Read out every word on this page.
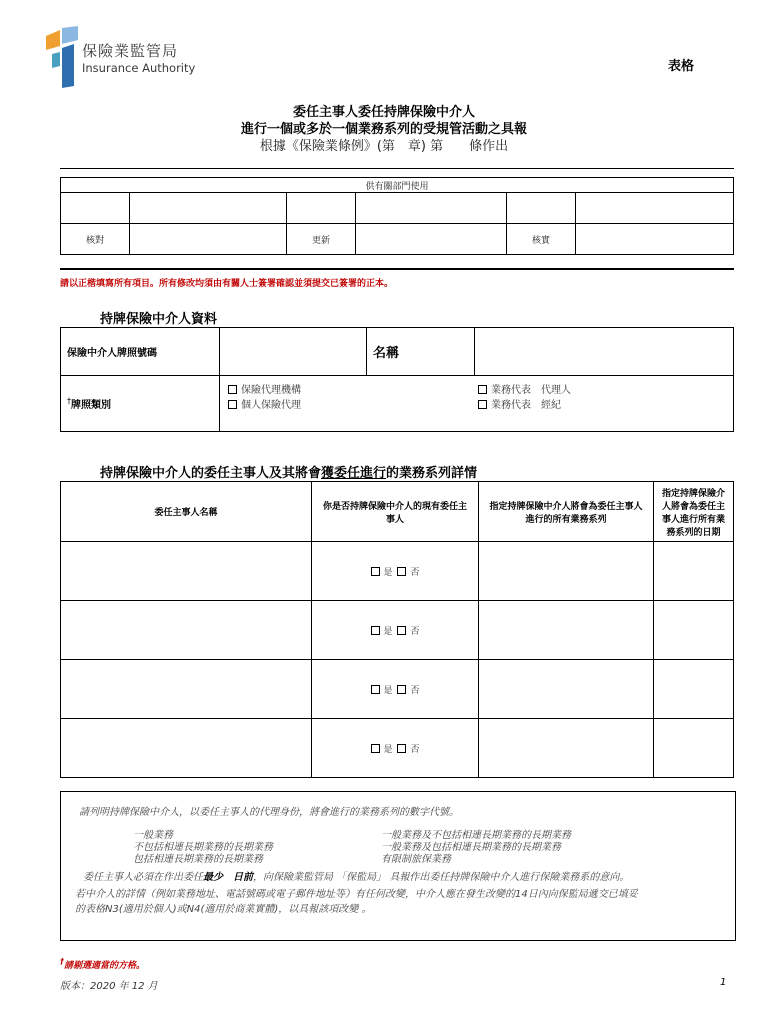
保險業監管局
Insurance Authority	表格
委任主事人委任持牌保險中介人
進行一個或多於一個業務系列的受規管活動之具報
根據《保險業條例》(第　章) 第　　條作出
供有關部門使用					

核對		更新		核實	
請以正楷填寫所有項目。所有修改均須由有關人士簽署確認並須提交已簽署的正本。
持牌保險中介人資料
保險中介人牌照號碼		名稱	
†牌照類別	保險代理機構
個人保險代理
業務代表　代理人
業務代表　經紀		
持牌保險中介人的委任主事人及其將會獲委任進行的業務系列詳情
委任主事人名稱	你是否持牌保險中介人的現有委任主事人	指定持牌保險中介人將會為委任主事人進行的所有業務系列	指定持牌保險介人將會為委任主事人進行所有業務系列的日期
	是 否		
	是 否		
	是 否		
	是 否		
請列明持牌保險中介人，以委任主事人的代理身份，將會進行的業務系列的數字代號。
一般業務
不包括相連長期業務的長期業務
包括相連長期業務的長期業務
一般業務及不包括相連長期業務的長期業務
一般業務及包括相連長期業務的長期業務
有限制旅保業務
委任主事人必須在作出委任最少  日前，向保險業監管局 「保監局」 具報作出委任持牌保險中介人進行保險業務系的意向。
若中介人的詳情（例如業務地址、電話號碼或電子郵件地址等）有任何改變，中介人應在發生改變的14日內向保監局遞交已填妥
的表格N3(適用於個人)或N4(適用於商業實體)，以具報該項改變 。
†請剔選適當的方格。
版本：2020 年 12 月	1
